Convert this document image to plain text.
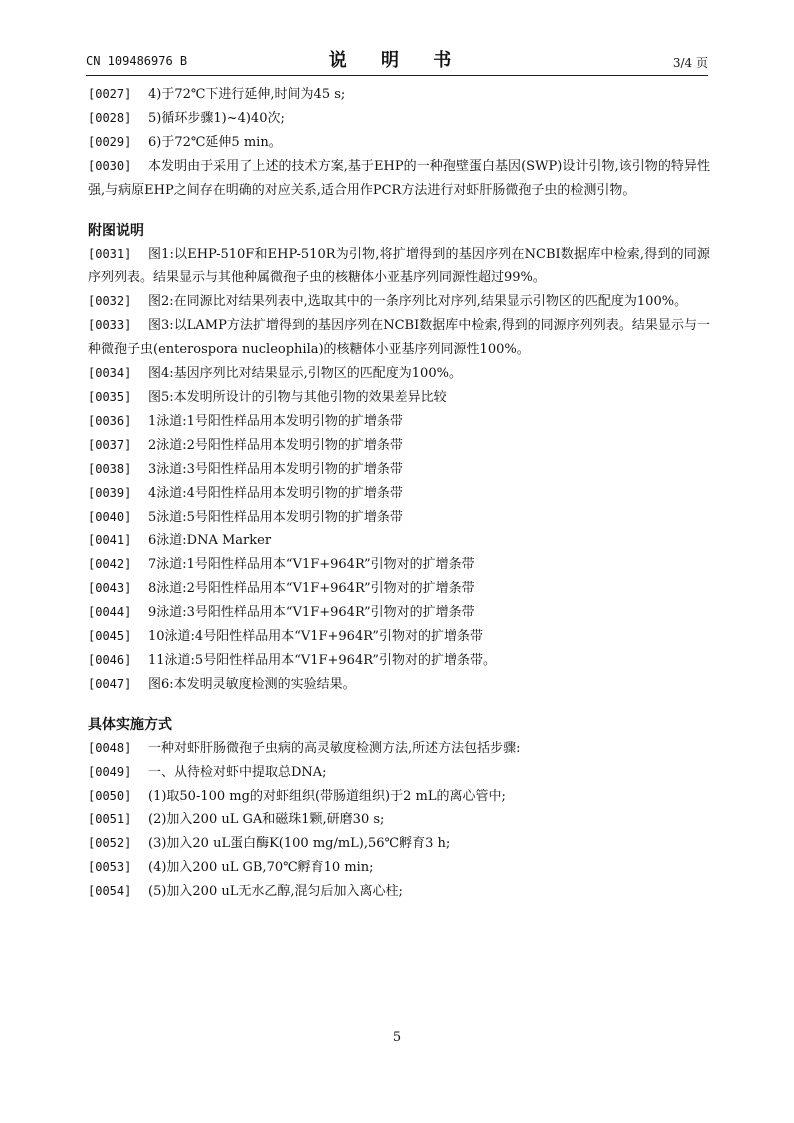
CN 109486976 B	说 明 书	3/4 页
[0027] 4)于72℃下进行延伸,时间为45 s;
[0028] 5)循环步骤1)~4)40次;
[0029] 6)于72℃延伸5 min。
[0030]	本发明由于采用了上述的技术方案,基于EHP的一种孢壁蛋白基因(SWP)设计引物,该引物的特异性强,与病原EHP之间存在明确的对应关系,适合用作PCR方法进行对虾肝肠微孢子虫的检测引物。
附图说明
[0031]	图1:以EHP-510F和EHP-510R为引物,将扩增得到的基因序列在NCBI数据库中检索,得到的同源序列列表。结果显示与其他种属微孢子虫的核糖体小亚基序列同源性超过99%。
[0032]	图2:在同源比对结果列表中,选取其中的一条序列比对序列,结果显示引物区的匹配度为100%。
[0033]	图3:以LAMP方法扩增得到的基因序列在NCBI数据库中检索,得到的同源序列列表。结果显示与一种微孢子虫(enterospora nucleophila)的核糖体小亚基序列同源性100%。
[0034] 图4:基因序列比对结果显示,引物区的匹配度为100%。
[0035] 图5:本发明所设计的引物与其他引物的效果差异比较
[0036] 1泳道:1号阳性样品用本发明引物的扩增条带
[0037] 2泳道:2号阳性样品用本发明引物的扩增条带
[0038] 3泳道:3号阳性样品用本发明引物的扩增条带
[0039] 4泳道:4号阳性样品用本发明引物的扩增条带
[0040] 5泳道:5号阳性样品用本发明引物的扩增条带
[0041] 6泳道:DNA Marker
[0042] 7泳道:1号阳性样品用本“V1F+964R”引物对的扩增条带
[0043] 8泳道:2号阳性样品用本“V1F+964R”引物对的扩增条带
[0044] 9泳道:3号阳性样品用本“V1F+964R”引物对的扩增条带
[0045] 10泳道:4号阳性样品用本“V1F+964R”引物对的扩增条带
[0046] 11泳道:5号阳性样品用本“V1F+964R”引物对的扩增条带。
[0047] 图6:本发明灵敏度检测的实验结果。
具体实施方式
[0048] 一种对虾肝肠微孢子虫病的高灵敏度检测方法,所述方法包括步骤:
[0049] 一、从待检对虾中提取总DNA;
[0050] (1)取50-100 mg的对虾组织(带肠道组织)于2 mL的离心管中;
[0051] (2)加入200 uL GA和磁珠1颗,研磨30 s;
[0052] (3)加入20 uL蛋白酶K(100 mg/mL),56℃孵育3 h;
[0053] (4)加入200 uL GB,70℃孵育10 min;
[0054] (5)加入200 uL无水乙醇,混匀后加入离心柱;
5
